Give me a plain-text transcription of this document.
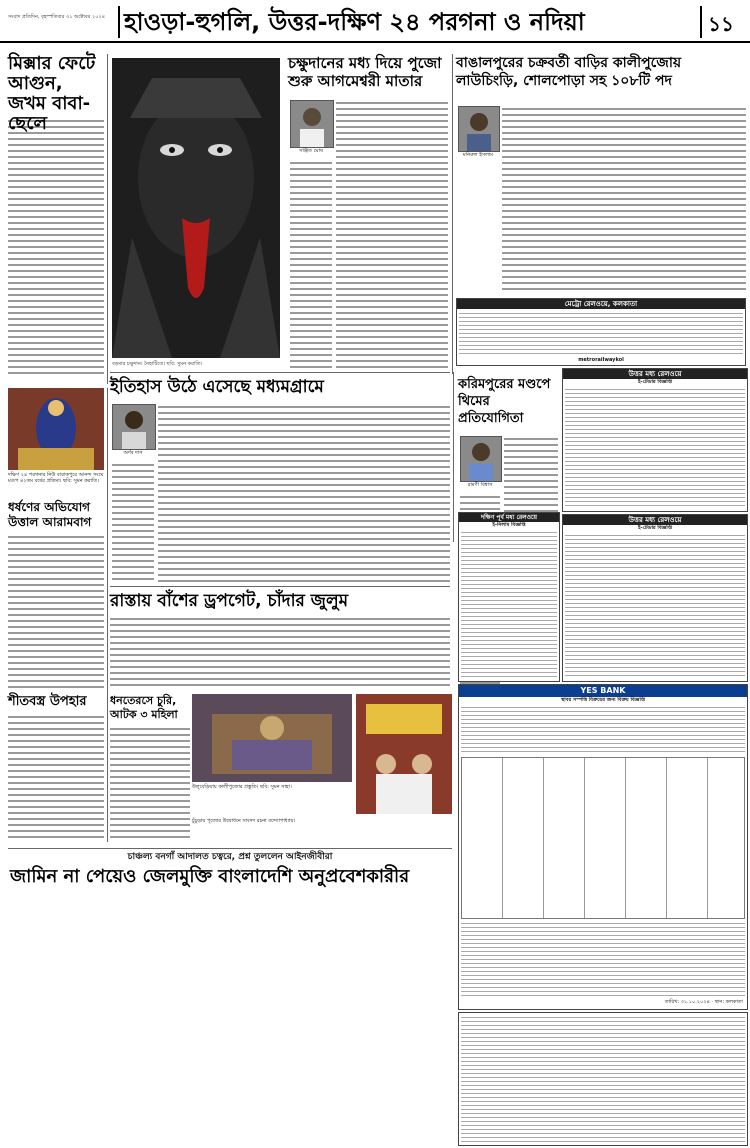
সংবাদ প্রতিদিন, বৃহস্পতিবার ৩১ অক্টোবর ২০২৪ হাওড়া-হুগলি, উত্তর-দক্ষিণ ২৪ পরগনা ও নদিয়া	১১
মিক্সার ফেটে আগুন, জখম বাবা-ছেলে
বড়মার চক্ষুদান। নৈহাটিতে। ছবি: সুমন করাতি।
চক্ষুদানের মধ্য দিয়ে পুজো শুরু আগমেশ্বরী মাতার
সঞ্জিত ঘোষ
বাঙালপুরের চক্রবর্তী বাড়ির কালীপুজোয় লাউচিংড়ি, শোলপোড়া সহ ১০৮টি পদ
মনিরুল ইসলাম
মেট্রো রেলওয়ে, কলকাতা
metrorailwaykol
ইতিহাস উঠে এসেছে মধ্যমগ্রামে
অর্ণব দাস
দক্ষিণ ২৪ পরগনার নিউ বারাকপুরে আনন্দ সংঘে মণ্ডপ ৪২তম বর্ষের প্রতিমা। ছবি: সুমন করাতি।
ধর্ষণের অভিযোগ উত্তাল আরামবাগ
শীতবস্ত্র উপহার
করিমপুরের মণ্ডপে থিমের প্রতিযোগিতা
রামণী বিশ্বাস
উত্তর মধ্য রেলওয়ে
ই-টেন্ডার বিজ্ঞপ্তি
দক্ষিণ পূর্ব মধ্য রেলওয়ে
ই-নিলাম বিজ্ঞপ্তি
উত্তর মধ্য রেলওয়ে
ই-টেন্ডার বিজ্ঞপ্তি
রাস্তায় বাঁশের ড্রপগেট, চাঁদার জুলুম
ধনতেরসে চুরি, আটক ৩ মহিলা
উলুবেড়িয়ায় কালীপুজোর প্রস্তুতি। ছবি: সুমন সাহা।
চুঁচুড়ায় পূজোর উদ্বোধনে সাংসদ রচনা বন্দ্যোপাধ্যায়।
YES BANK
স্থাবর সম্পত্তি বিক্রয়ের জন্য বিক্রয় বিজ্ঞপ্তি
তারিখ: ৩১.১০.২০২৪ · স্থান: কলকাতা
চাঞ্চল্য বনগাঁ আদালত চত্বরে, প্রশ্ন তুললেন আইনজীবীরা
জামিন না পেয়েও জেলমুক্তি বাংলাদেশি অনুপ্রবেশকারীর
